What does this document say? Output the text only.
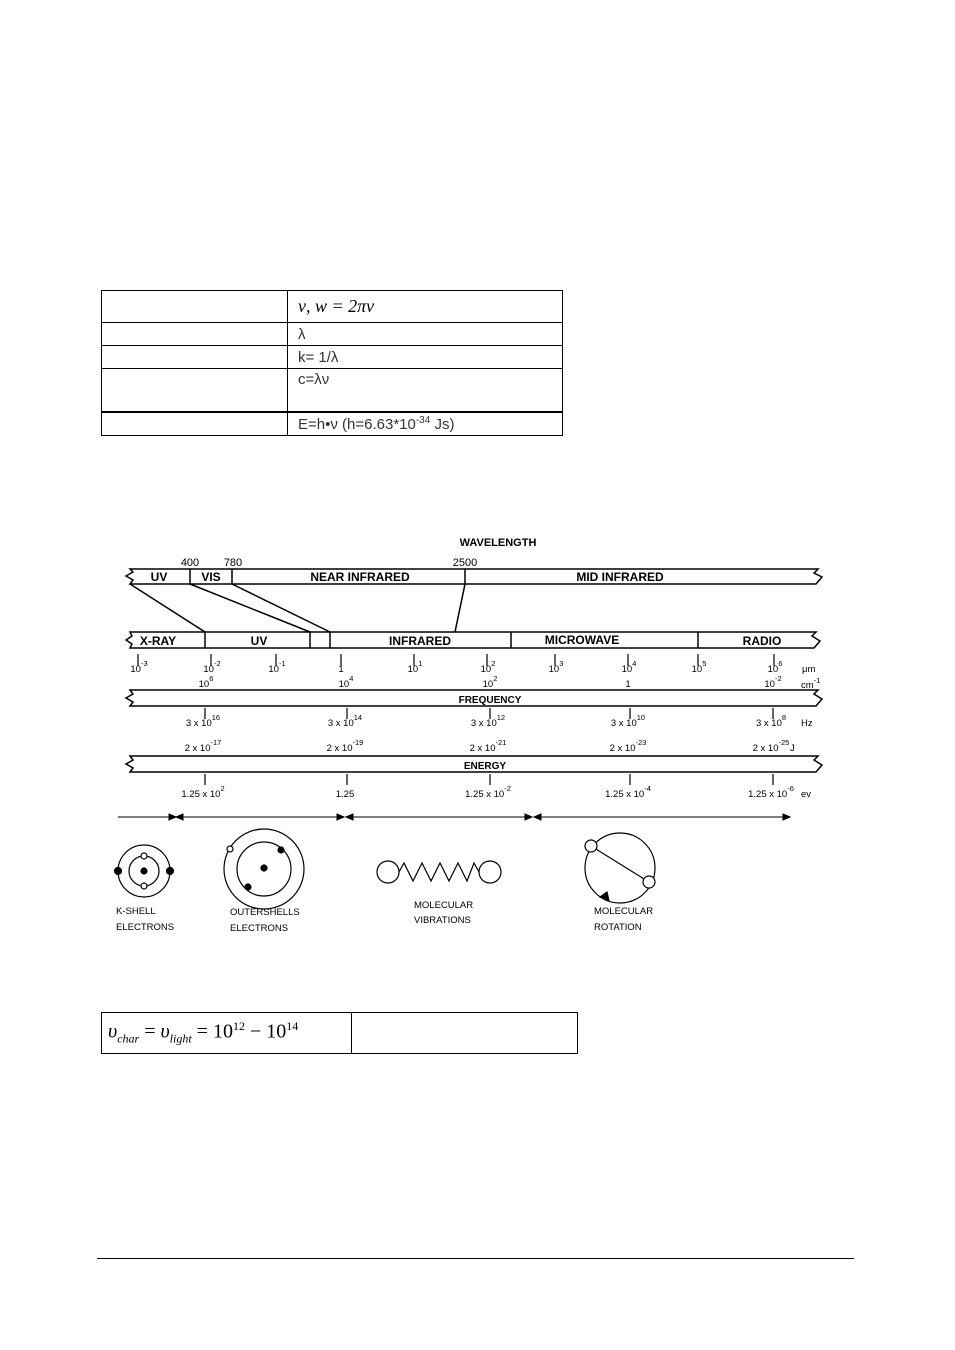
	ν, w = 2πν
	λ
	k= 1/λ
	c=λν
	E=h•ν ($h=6.63*10^{-34}$ Js)
WAVELENGTH
400 780	2500
UV	VIS	NEAR INFRARED	MID INFRARED
X-RAY	UV	INFRARED	MICROWAVE	RADIO
FREQUENCY
ENERGY
$10^{-3}$
$10^{-2}$
$10^{-1}$
1	$10^1$
$10^2$
$10^3$
$10^4$
$10^5$
$10^6$
μm
$10^6$
$10^4$
$10^2$
1	$10^{-2}$
$cm^{-1}$
3 x $10^{16}$
3 x $10^{14}$
3 x $10^{12}$
3 x $10^{10}$
3 x $10^8$
Hz
2 x $10^{-17}$
2 x $10^{-19}$
2 x $10^{-21}$
2 x $10^{-23}$
2 x $10^{-25}$
J
1.25 x $10^2$
1.25	1.25 x $10^{-2}$
1.25 x $10^{-4}$
1.25 x $10^{-6}$
ev
K-SHELL
ELECTRONS
OUTERSHELLS
ELECTRONS
MOLECULAR
VIBRATIONS
MOLECULAR
ROTATION
$\upsilon_{char} = \upsilon_{light} = 10^{12} - 10^{14}$	
